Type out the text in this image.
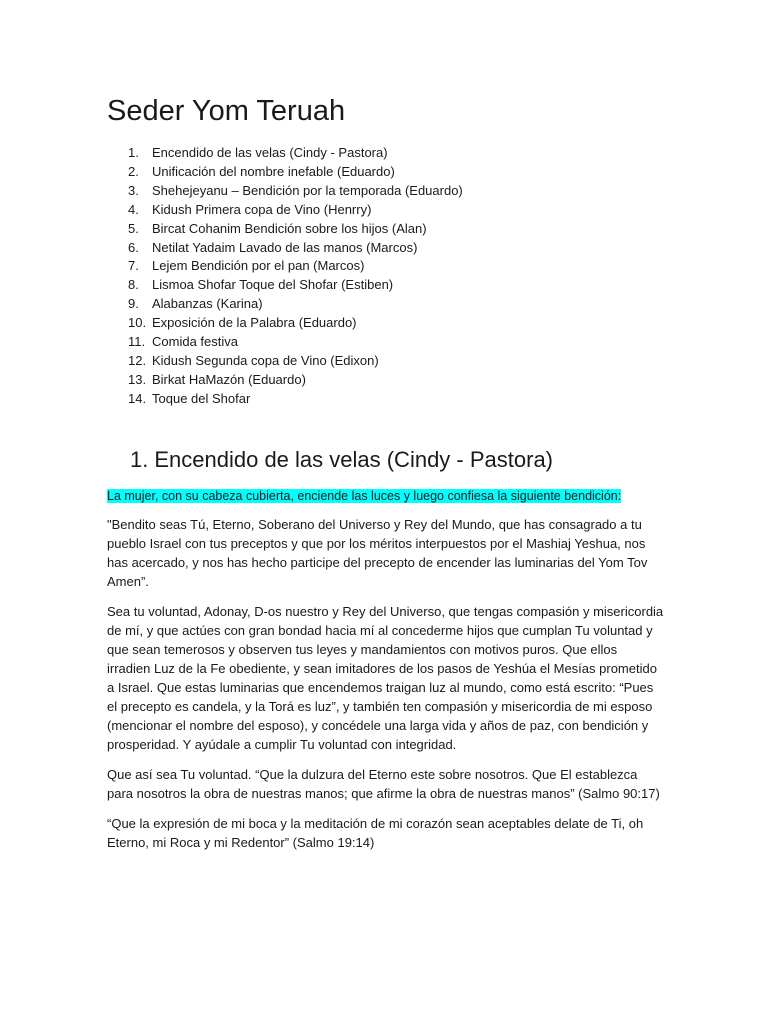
Seder Yom Teruah
1.	Encendido de las velas (Cindy - Pastora)
2.	Unificación del nombre inefable (Eduardo)
3.	Shehejeyanu – Bendición por la temporada (Eduardo)
4.	Kidush Primera copa de Vino (Henrry)
5.	Bircat Cohanim Bendición sobre los hijos (Alan)
6.	Netilat Yadaim Lavado de las manos (Marcos)
7.	Lejem Bendición por el pan (Marcos)
8.	Lismoa Shofar Toque del Shofar (Estiben)
9.	Alabanzas (Karina)
10. Exposición de la Palabra (Eduardo)
11. Comida festiva
12. Kidush Segunda copa de Vino (Edixon)
13. Birkat HaMazón (Eduardo)
14. Toque del Shofar
1. Encendido de las velas (Cindy - Pastora)

La mujer, con su cabeza cubierta, enciende las luces y luego confiesa la siguiente bendición:

"Bendito seas Tú, Eterno, Soberano del Universo y Rey del Mundo, que has consagrado a tu pueblo Israel con tus preceptos y que por los méritos interpuestos por el Mashiaj Yeshua, nos has acercado, y nos has hecho participe del precepto de encender las luminarias del Yom Tov Amen”.

Sea tu voluntad, Adonay, D-os nuestro y Rey del Universo, que tengas compasión y misericordia de mí, y que actúes con gran bondad hacia mí al concederme hijos que cumplan Tu voluntad y que sean temerosos y observen tus leyes y mandamientos con motivos puros. Que ellos irradien Luz de la Fe obediente, y sean imitadores de los pasos de Yeshúa el Mesías prometido a Israel. Que estas luminarias que encendemos traigan luz al mundo, como está escrito: “Pues el precepto es candela, y la Torá es luz”, y también ten compasión y misericordia de mi esposo (mencionar el nombre del esposo), y concédele una larga vida y años de paz, con bendición y prosperidad. Y ayúdale a cumplir Tu voluntad con integridad.

Que así sea Tu voluntad. “Que la dulzura del Eterno este sobre nosotros. Que El establezca para nosotros la obra de nuestras manos; que afirme la obra de nuestras manos” (Salmo 90:17)

“Que la expresión de mi boca y la meditación de mi corazón sean aceptables delate de Ti, oh Eterno, mi Roca y mi Redentor” (Salmo 19:14)
